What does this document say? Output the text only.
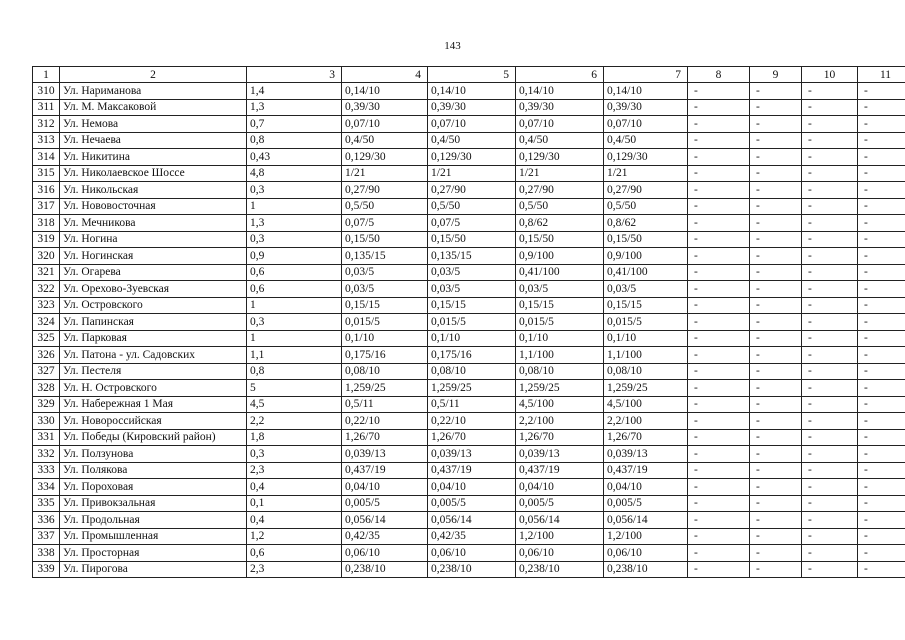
143
1	2	3	4	5	6	7	8	9	10	11
310	Ул. Нариманова	1,4	0,14/10	0,14/10	0,14/10	0,14/10	-	-	-	-
311	Ул. М. Максаковой	1,3	0,39/30	0,39/30	0,39/30	0,39/30	-	-	-	-
312	Ул. Немова	0,7	0,07/10	0,07/10	0,07/10	0,07/10	-	-	-	-
313	Ул. Нечаева	0,8	0,4/50	0,4/50	0,4/50	0,4/50	-	-	-	-
314	Ул. Никитина	0,43	0,129/30	0,129/30	0,129/30	0,129/30	-	-	-	-
315	Ул. Николаевское Шоссе	4,8	1/21	1/21	1/21	1/21	-	-	-	-
316	Ул. Никольская	0,3	0,27/90	0,27/90	0,27/90	0,27/90	-	-	-	-
317	Ул. Нововосточная	1	0,5/50	0,5/50	0,5/50	0,5/50	-	-	-	-
318	Ул. Мечникова	1,3	0,07/5	0,07/5	0,8/62	0,8/62	-	-	-	-
319	Ул. Ногина	0,3	0,15/50	0,15/50	0,15/50	0,15/50	-	-	-	-
320	Ул. Ногинская	0,9	0,135/15	0,135/15	0,9/100	0,9/100	-	-	-	-
321	Ул. Огарева	0,6	0,03/5	0,03/5	0,41/100	0,41/100	-	-	-	-
322	Ул. Орехово-Зуевская	0,6	0,03/5	0,03/5	0,03/5	0,03/5	-	-	-	-
323	Ул. Островского	1	0,15/15	0,15/15	0,15/15	0,15/15	-	-	-	-
324	Ул. Папинская	0,3	0,015/5	0,015/5	0,015/5	0,015/5	-	-	-	-
325	Ул. Парковая	1	0,1/10	0,1/10	0,1/10	0,1/10	-	-	-	-
326	Ул. Патона - ул. Садовских	1,1	0,175/16	0,175/16	1,1/100	1,1/100	-	-	-	-
327	Ул. Пестеля	0,8	0,08/10	0,08/10	0,08/10	0,08/10	-	-	-	-
328	Ул. Н. Островского	5	1,259/25	1,259/25	1,259/25	1,259/25	-	-	-	-
329	Ул. Набережная 1 Мая	4,5	0,5/11	0,5/11	4,5/100	4,5/100	-	-	-	-
330	Ул. Новороссийская	2,2	0,22/10	0,22/10	2,2/100	2,2/100	-	-	-	-
331	Ул. Победы (Кировский район)	1,8	1,26/70	1,26/70	1,26/70	1,26/70	-	-	-	-
332	Ул. Ползунова	0,3	0,039/13	0,039/13	0,039/13	0,039/13	-	-	-	-
333	Ул. Полякова	2,3	0,437/19	0,437/19	0,437/19	0,437/19	-	-	-	-
334	Ул. Пороховая	0,4	0,04/10	0,04/10	0,04/10	0,04/10	-	-	-	-
335	Ул. Привокзальная	0,1	0,005/5	0,005/5	0,005/5	0,005/5	-	-	-	-
336	Ул. Продольная	0,4	0,056/14	0,056/14	0,056/14	0,056/14	-	-	-	-
337	Ул. Промышленная	1,2	0,42/35	0,42/35	1,2/100	1,2/100	-	-	-	-
338	Ул. Просторная	0,6	0,06/10	0,06/10	0,06/10	0,06/10	-	-	-	-
339	Ул. Пирогова	2,3	0,238/10	0,238/10	0,238/10	0,238/10	-	-	-	-
